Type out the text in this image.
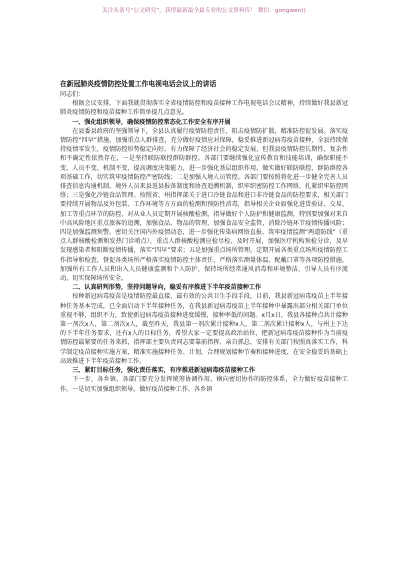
关注头条号“公文研究”，获得最新最全最专业的公文资料库！ 微信：gongwen()
在新冠肺炎疫情防控处置工作电视电话会议上的讲话
同志们：

根据会议安排，下面我就贯彻落实全省疫情防控和疫苗接种工作电视电话会议精神，持续做好我县新冠肺炎疫情防控和疫苗接种工作简单提几点意见。

一、强化组织领导，确保疫情防控常态化工作安全有序开展

在县委县政府的坚强领导下，全县认真履行疫情防控责任，阻击疫情防扩散，精准防控促发展。落实疫情防控“四早”措施，加强重点人群排查，充分做好疫情应对保障，稳妥推进新冠病毒疫苗接种，全县持续保持疫情零发生，疫情防控形势稳定向好。有力保障了经济社会的稳定发展，但我县疫情防控长期性、复杂性和不确定性依然存在，一是坚持联防联控群防群控。各部门要继续强化宣传教育和技能培训，确保职能不变、人员不变、机制不变，提高调度决策能力，进一步强化基层组织作用，做实做好联防联控、群防群控各项基础工作，切实筑牢疫情防控严密防线；二是加强入境人员管控。各部门要按照将化进一步健全完善人员排查信息沟通机制、境外人员来县返县报备制度和协查追溯机制，织牢织密防控工作网络，扎紧织牢防控网络；三是强化冷链食品管理。按照省、州指挥部关于进口冷链食品和进口非冷链食品的防控要求，相关部门要持续开展物品及外包装、工作环境等方方面的检测和预防性消毒，指导相关企业如强化进货验证、交易、加工等重点环节的防控，对从业人员定期开展核酸检测，指导做好个人防护和健康监测，特别要加强对来自中高风险地区重点旅客的追溯，加强食品、物品的管理，加强食品安全监管，消除冷链环节疫情传播风险；四是加强监测预警。密切关注国内外疫情动态，进一步强化传染病网络直报、筑牢疫情监测“两道防线”（重点人群核酸检测和发热门诊哨点），重点人群核酸检测应检尽检、及时开展，加强医疗机构预检分诊，及早发现感染者和阻断疫情传播，落实“四早”要求；五是加强重点场所管理。定期开展各类重点场所疫情防控工作指导和检查，督促各类场所严格落实疫情防控主体责任，严格落实测量体温、配戴口罩等各项防控措施，加强所有工作人员和出入人员健康监测和个人防护，保持场所经常通风消毒和环境整洁，引导人员有序流动，切实保障场所安全。

二、认真研判形势，坚持问题导向，稳妥有序推进下半年疫苗接种工作

按种新冠病毒疫苗是疫情防控最直接、最有效的公共卫生手段手段，目前，我县新冠病毒疫苗上半年接种任务基本完成，已全面启动下半年接种任务，在我县新冠病毒疫苗上半年接种中暴露出部分相关部门单位重视不够，组织不力，致使新冠病毒疫苗接种进度缓慢，接种率低的问题。x月x日，我县各接种点共计接种第一剂次x人，第二剂次x人，截至昨天，我县第一剂次累计接种x人，第二剂次累计接种x人，与州上下达的下半年任务要求，还有x人的目标任务，希望大家一定要提高政治站位，把新冠病毒疫苗接种作为当前疫情防控最紧要的任务来抓，指挥部主要负责同志要靠前指挥、亲自抓总，安排有关部门按照真落实工作，科学制定疫苗接种实施方案，精准实施接种任务、计划，合理规划接种节奏和接种进度，在安全稳妥的基础上高效推进下半年疫苗接种工作。

三、紧盯目标任务，强化责任落实，有序推进新冠病毒疫苗接种工作

下一步，各乡镇、各部门要充分发挥统筹协调作用，横向密切协作的防控体系，全力做好疫苗接种工作。一是切实加强组织领导。做好疫苗接种工作，各乡镇
